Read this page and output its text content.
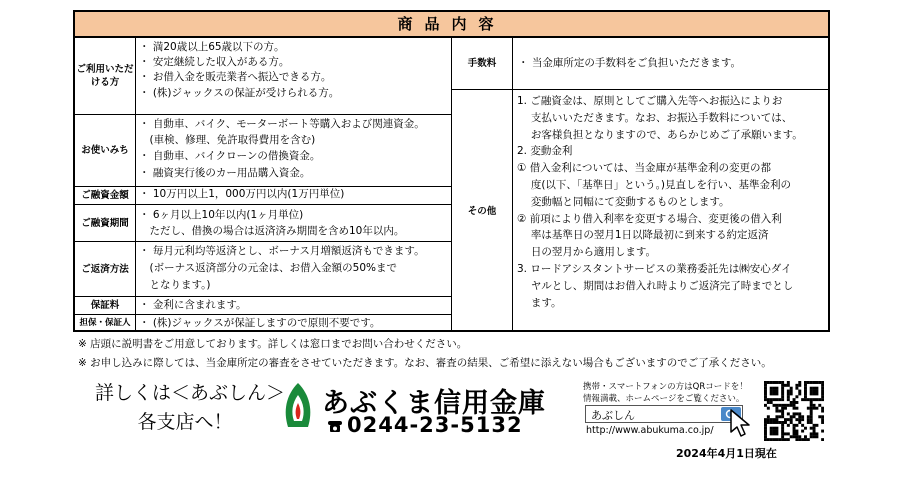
商品内容
ご利用いただける方
お使いみち
ご融資金額
ご融資期間
ご返済方法
保証料
担保・保証人
手数料
その他
・ 満20歳以上65歳以下の方。
・ 安定継続した収入がある方。
・ お借入金を販売業者へ振込できる方。
・ (株)ジャックスの保証が受けられる方。
・ 自動車、バイク、モーターボート等購入および関連資金。
　(車検、修理、免許取得費用を含む)
・ 自動車、バイクローンの借換資金。
・ 融資実行後のカー用品購入資金。
・ 10万円以上1，000万円以内(1万円単位)
・ 6ヶ月以上10年以内(1ヶ月単位)
　ただし、借換の場合は返済済み期間を含め10年以内。
・ 毎月元利均等返済とし、ボーナス月増額返済もできます。
　(ボーナス返済部分の元金は、お借入金額の50%まで
　となります。)
・ 金利に含まれます。
・ (株)ジャックスが保証しますので原則不要です。
・ 当金庫所定の手数料をご負担いただきます。
1. ご融資金は、原則としてご購入先等へお振込によりお
　 支払いいただきます。なお、お振込手数料については、
　 お客様負担となりますので、あらかじめご了承願います。
2. 変動金利
① 借入金利については、当金庫が基準金利の変更の都
　 度(以下、「基準日」という。)見直しを行い、基準金利の
　 変動幅と同幅にて変動するものとします。
② 前項により借入利率を変更する場合、変更後の借入利
　 率は基準日の翌月1日以降最初に到来する約定返済
　 日の翌月から適用します。
3. ロードアシスタントサービスの業務委託先は㈱安心ダイ
　 ヤルとし、期間はお借入れ時よりご返済完了時までとし
　 ます。
※ 店頭に説明書をご用意しております。詳しくは窓口までお問い合わせください。
※ お申し込みに際しては、当金庫所定の審査をさせていただきます。なお、審査の結果、ご希望に添えない場合もございますのでご了承ください。
詳しくは＜あぶしん＞
各支店へ！
あぶくま信用金庫
0244-23-5132
携帯・スマートフォンの方はQRコードを！
情報満載、ホームページをご覧ください。
あぶしん
http://www.abukuma.co.jp/
2024年4月1日現在
